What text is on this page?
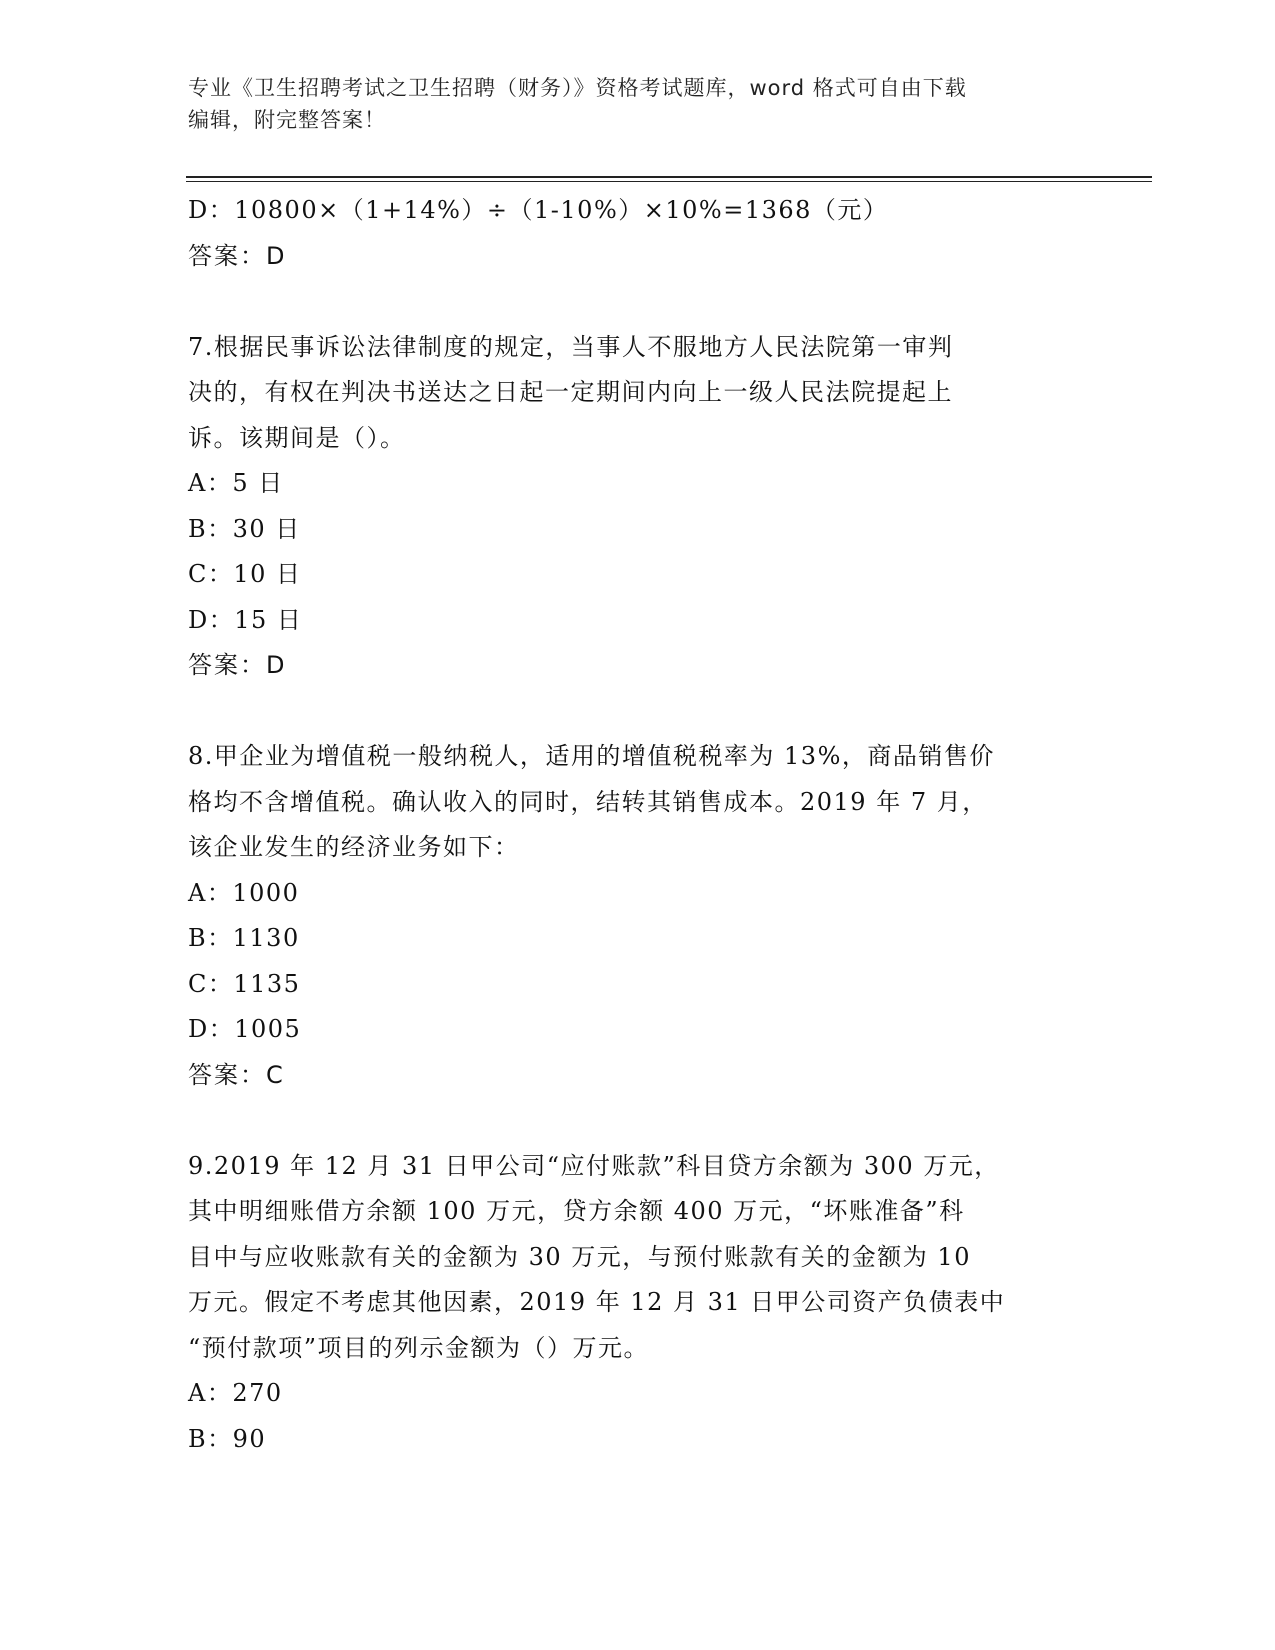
专业《卫生招聘考试之卫生招聘（财务）》资格考试题库，word 格式可自由下载
编辑，附完整答案！
D：10800×（1+14%）÷（1-10%）×10%=1368（元）
答案：D
7.根据民事诉讼法律制度的规定，当事人不服地方人民法院第一审判
决的，有权在判决书送达之日起一定期间内向上一级人民法院提起上
诉。该期间是（）。
A：5 日
B：30 日
C：10 日
D：15 日
答案：D
8.甲企业为增值税一般纳税人，适用的增值税税率为 13%，商品销售价
格均不含增值税。确认收入的同时，结转其销售成本。2019 年 7 月，
该企业发生的经济业务如下：
A：1000
B：1130
C：1135
D：1005
答案：C
9.2019 年 12 月 31 日甲公司“应付账款”科目贷方余额为 300 万元，
其中明细账借方余额 100 万元，贷方余额 400 万元，“坏账准备”科
目中与应收账款有关的金额为 30 万元，与预付账款有关的金额为 10
万元。假定不考虑其他因素，2019 年 12 月 31 日甲公司资产负债表中
“预付款项”项目的列示金额为（）万元。
A：270
B：90
